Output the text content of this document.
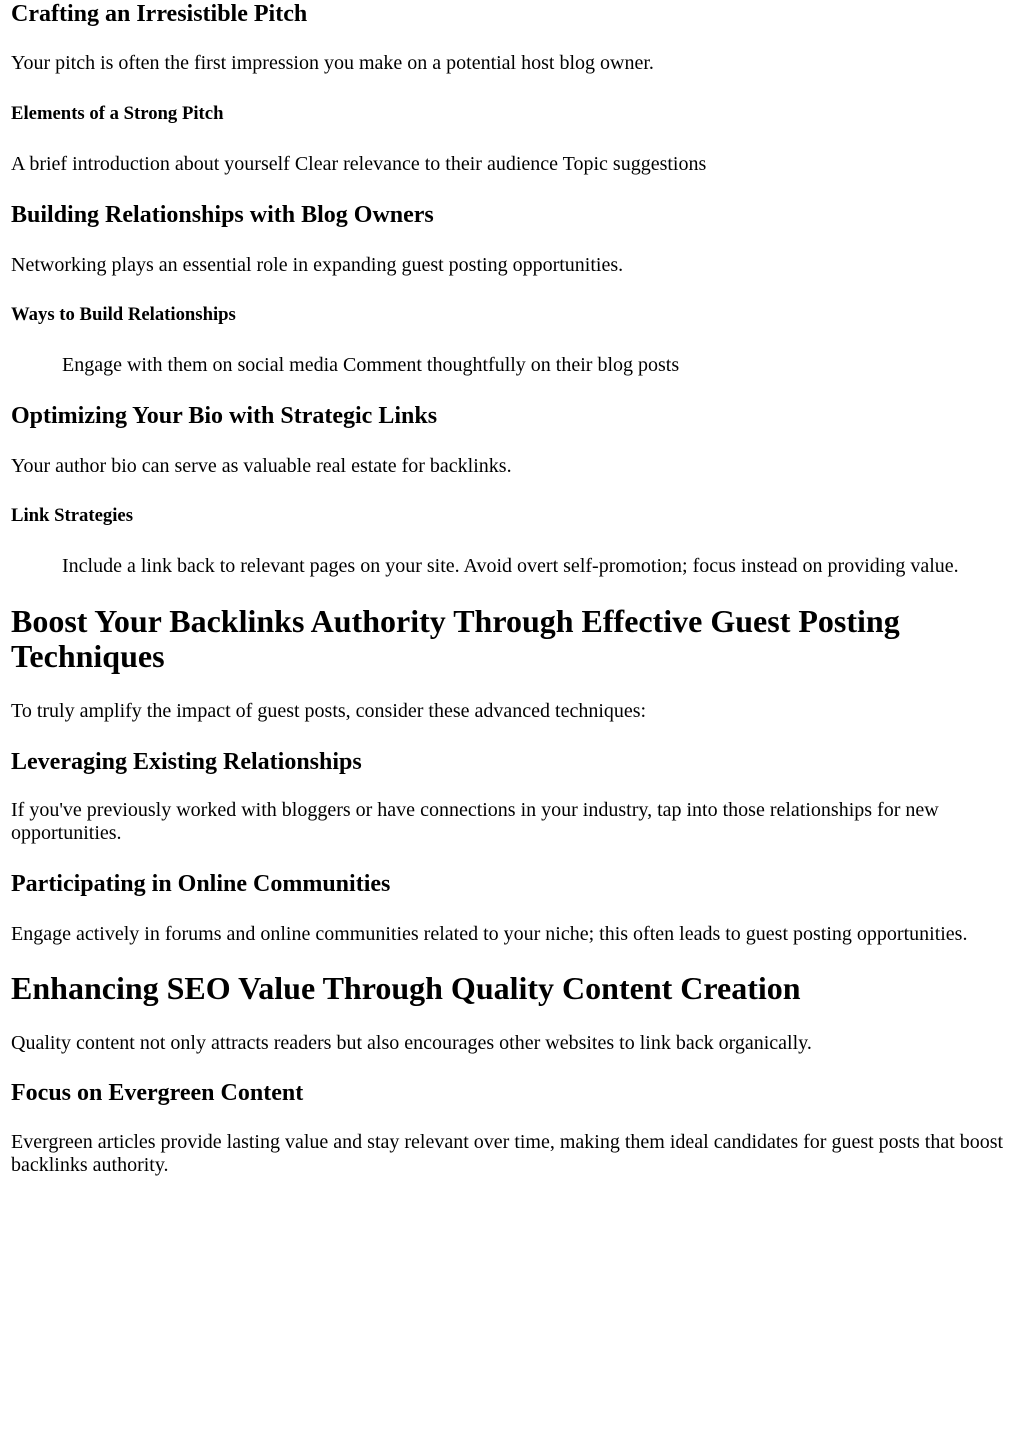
Crafting an Irresistible Pitch

Your pitch is often the first impression you make on a potential host blog owner.

Elements of a Strong Pitch

A brief introduction about yourself Clear relevance to their audience Topic suggestions

Building Relationships with Blog Owners

Networking plays an essential role in expanding guest posting opportunities.

Ways to Build Relationships

Engage with them on social media Comment thoughtfully on their blog posts

Optimizing Your Bio with Strategic Links

Your author bio can serve as valuable real estate for backlinks.

Link Strategies

Include a link back to relevant pages on your site. Avoid overt self-promotion; focus instead on providing value.

Boost Your Backlinks Authority Through Effective Guest Posting Techniques

To truly amplify the impact of guest posts, consider these advanced techniques:

Leveraging Existing Relationships

If you've previously worked with bloggers or have connections in your industry, tap into those relationships for new opportunities.

Participating in Online Communities

Engage actively in forums and online communities related to your niche; this often leads to guest posting opportunities.

Enhancing SEO Value Through Quality Content Creation

Quality content not only attracts readers but also encourages other websites to link back organically.

Focus on Evergreen Content

Evergreen articles provide lasting value and stay relevant over time, making them ideal candidates for guest posts that boost backlinks authority.
